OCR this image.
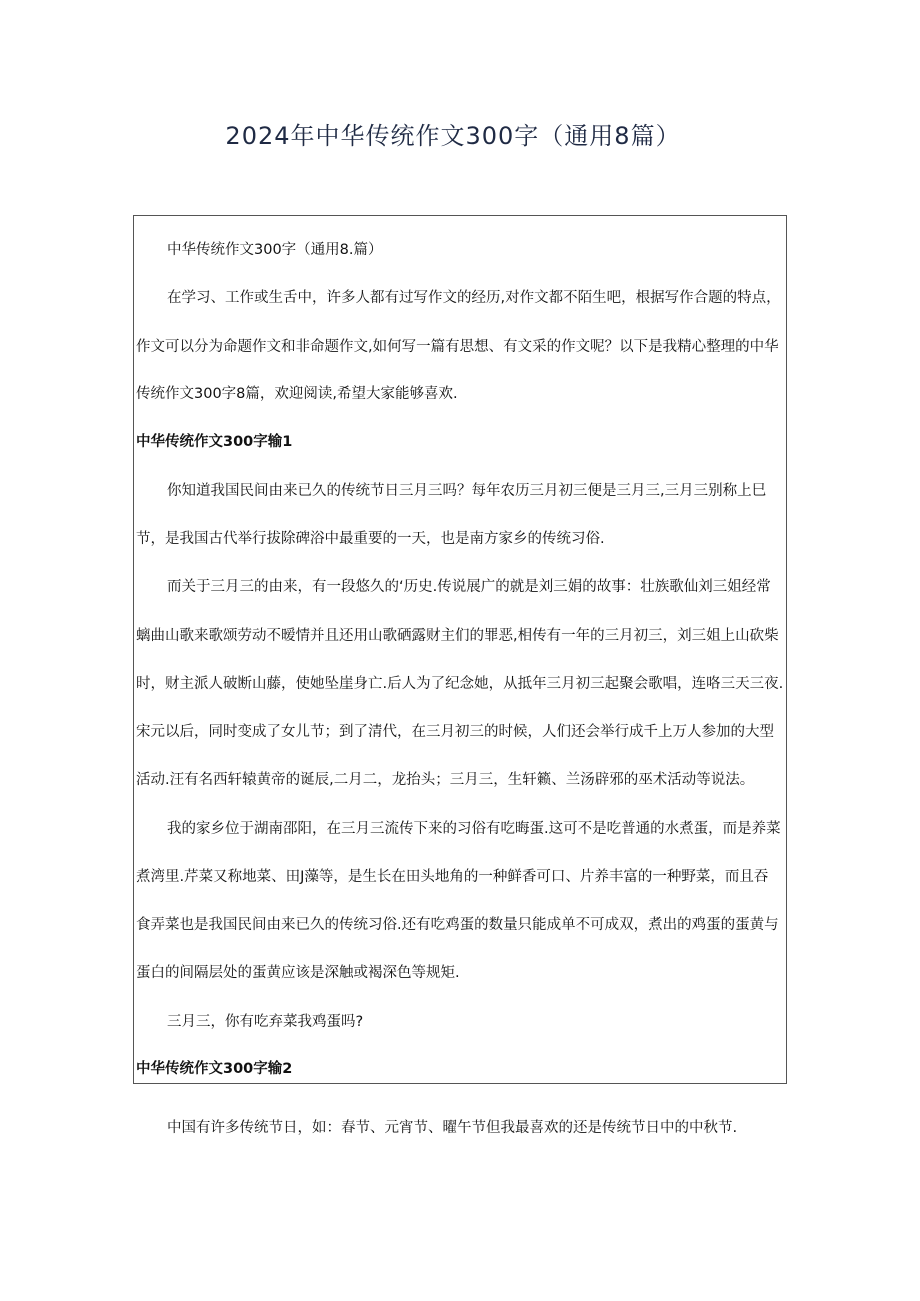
2024年中华传统作文300字（通用8篇）
中华传统作文300字（通用8.篇）
在学习、工作或生舌中，许多人都有过写作文的经历,对作文都不陌生吧，根据写作合题的特点，
作文可以分为命题作文和非命题作文,如何写一篇有思想、有文采的作文呢？以下是我精心整理的中华
传统作文300字8篇，欢迎阅读,希望大家能够喜欢.
中华传统作文300字输1
你知道我国民间由来已久的传统节日三月三吗？每年农历三月初三便是三月三,三月三别称上巳
节，是我国古代举行拔除碑浴中最重要的一天，也是南方家乡的传统习俗.
而关于三月三的由来，有一段悠久的‘历史.传说展广的就是刘三娟的故事：壮族歌仙刘三姐经常
螭曲山歌来歌颂劳动不暧情并且还用山歌硒露财主们的罪恶,相传有一年的三月初三，刘三姐上山砍柴
时，财主派人破断山藤，使她坠崖身亡.后人为了纪念她，从抵年三月初三起聚会歌唱，连咯三天三夜.
宋元以后，同时变成了女儿节；到了清代，在三月初三的时候，人们还会举行成千上万人参加的大型
活动.汪有名西轩辕黄帝的诞辰,二月二，龙抬头；三月三，生轩籁、兰汤辟邪的巫术活动等说法。
我的家乡位于湖南邵阳，在三月三流传下来的习俗有吃晦蛋.这可不是吃普通的水煮蛋，而是养菜
煮湾里.芹菜又称地菜、田J藻等，是生长在田头地角的一种鲜香可口、片养丰富的一种野菜，而且吞
食弄菜也是我国民间由来已久的传统习俗.还有吃鸡蛋的数量只能成单不可成双，煮出的鸡蛋的蛋黄与
蛋白的间隔层处的蛋黄应该是深触或褐深色等规矩.
三月三，你有吃弃菜我鸡蛋吗?
中华传统作文300字输2
中国有许多传统节日，如：春节、元宵节、曜午节但我最喜欢的还是传统节日中的中秋节.
